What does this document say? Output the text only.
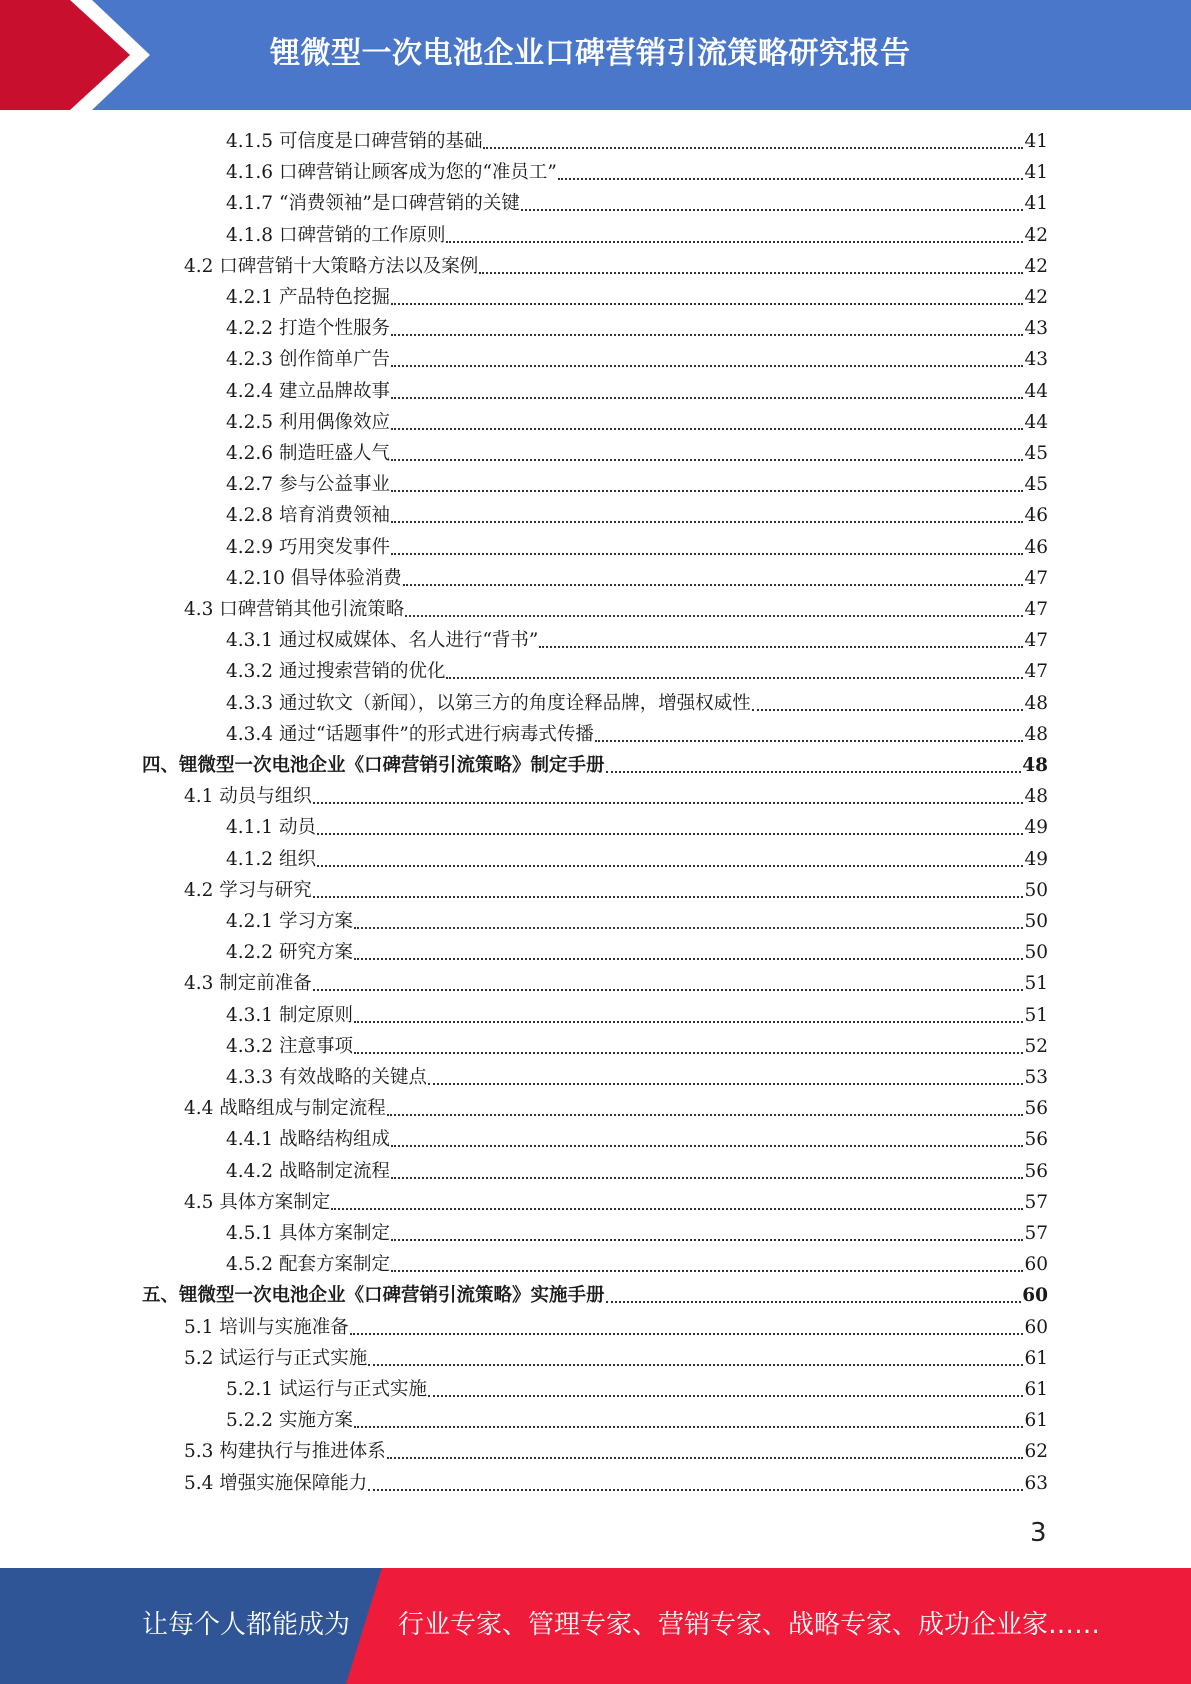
锂微型一次电池企业口碑营销引流策略研究报告
4.1.5 可信度是口碑营销的基础	41
4.1.6 口碑营销让顾客成为您的“准员工”	41
4.1.7 “消费领袖”是口碑营销的关键	41
4.1.8 口碑营销的工作原则	42
4.2 口碑营销十大策略方法以及案例	42
4.2.1 产品特色挖掘	42
4.2.2 打造个性服务	43
4.2.3 创作简单广告	43
4.2.4 建立品牌故事	44
4.2.5 利用偶像效应	44
4.2.6 制造旺盛人气	45
4.2.7 参与公益事业	45
4.2.8 培育消费领袖	46
4.2.9 巧用突发事件	46
4.2.10 倡导体验消费	47
4.3 口碑营销其他引流策略	47
4.3.1 通过权威媒体、名人进行“背书”	47
4.3.2 通过搜索营销的优化	47
4.3.3 通过软文（新闻），以第三方的角度诠释品牌，增强权威性	48
4.3.4 通过“话题事件”的形式进行病毒式传播	48
四、锂微型一次电池企业《口碑营销引流策略》制定手册	48
4.1 动员与组织	48
4.1.1 动员	49
4.1.2 组织	49
4.2 学习与研究	50
4.2.1 学习方案	50
4.2.2 研究方案	50
4.3 制定前准备	51
4.3.1 制定原则	51
4.3.2 注意事项	52
4.3.3 有效战略的关键点	53
4.4 战略组成与制定流程	56
4.4.1 战略结构组成	56
4.4.2 战略制定流程	56
4.5 具体方案制定	57
4.5.1 具体方案制定	57
4.5.2 配套方案制定	60
五、锂微型一次电池企业《口碑营销引流策略》实施手册	60
5.1 培训与实施准备	60
5.2 试运行与正式实施	61
5.2.1 试运行与正式实施	61
5.2.2 实施方案	61
5.3 构建执行与推进体系	62
5.4 增强实施保障能力	63
3
让每个人都能成为 行业专家、管理专家、营销专家、战略专家、成功企业家……
